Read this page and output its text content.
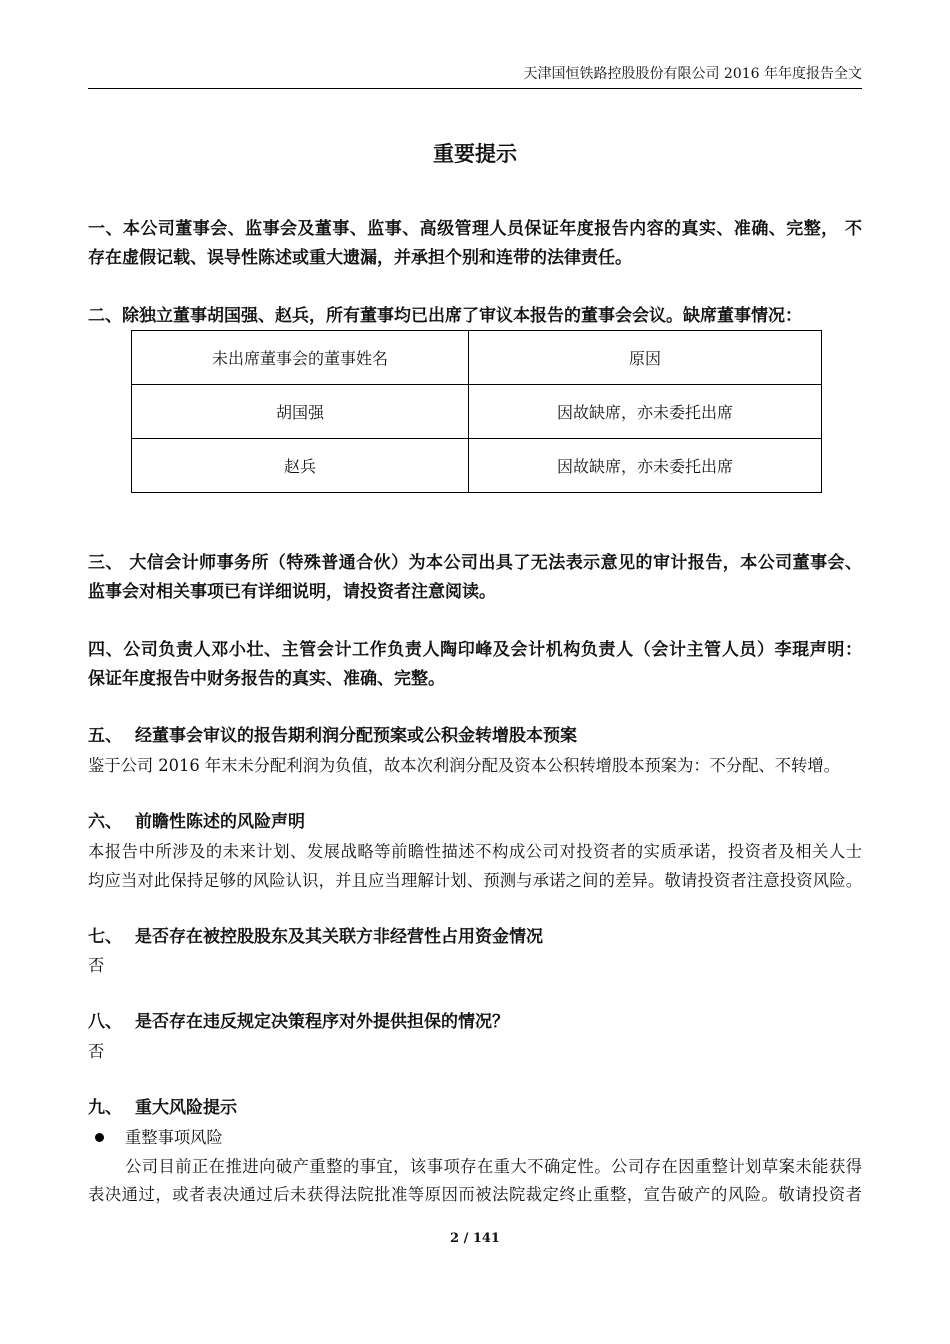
天津国恒铁路控股股份有限公司 2016 年年度报告全文
重要提示
一、本公司董事会、监事会及董事、监事、高级管理人员保证年度报告内容的真实、准确、完整， 不
存在虚假记载、误导性陈述或重大遗漏，并承担个别和连带的法律责任。
二、除独立董事胡国强、赵兵，所有董事均已出席了审议本报告的董事会会议。缺席董事情况：
未出席董事会的董事姓名	原因
胡国强	因故缺席，亦未委托出席
赵兵	因故缺席，亦未委托出席
三、 大信会计师事务所（特殊普通合伙）为本公司出具了无法表示意见的审计报告，本公司董事会、
监事会对相关事项已有详细说明，请投资者注意阅读。
四、公司负责人邓小壮、主管会计工作负责人陶印峰及会计机构负责人（会计主管人员）李琨声明：
保证年度报告中财务报告的真实、准确、完整。
五、 经董事会审议的报告期利润分配预案或公积金转增股本预案
鉴于公司 2016 年末未分配利润为负值，故本次利润分配及资本公积转增股本预案为：不分配、不转增。
六、 前瞻性陈述的风险声明
本报告中所涉及的未来计划、发展战略等前瞻性描述不构成公司对投资者的实质承诺，投资者及相关人士
均应当对此保持足够的风险认识，并且应当理解计划、预测与承诺之间的差异。敬请投资者注意投资风险。
七、 是否存在被控股股东及其关联方非经营性占用资金情况
否
八、 是否存在违反规定决策程序对外提供担保的情况？
否
九、 重大风险提示
重整事项风险
公司目前正在推进向破产重整的事宜，该事项存在重大不确定性。公司存在因重整计划草案未能获得
表决通过，或者表决通过后未获得法院批准等原因而被法院裁定终止重整，宣告破产的风险。敬请投资者
2 / 141
